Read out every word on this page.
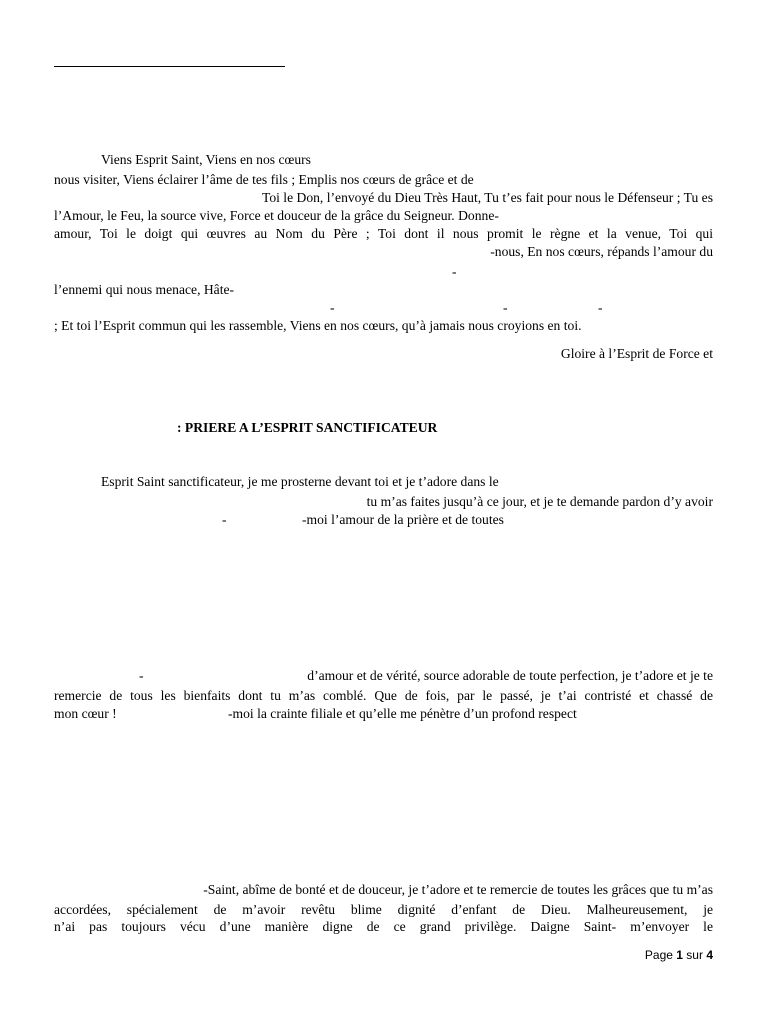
Viens Esprit Saint, Viens en nos cœurs
nous visiter, Viens éclairer l’âme de tes fils ; Emplis nos cœurs de grâce et de
Toi le Don, l’envoyé du Dieu Très Haut, Tu t’es fait pour nous le Défenseur ; Tu es
l’Amour, le Feu, la source vive, Force et douceur de la grâce du Seigneur. Donne-
amour, Toi le doigt qui œuvres au Nom du Père ; Toi dont il nous promit le règne et la venue, Toi qui
-nous, En nos cœurs, répands l’amour du
-
l’ennemi qui nous menace, Hâte-
-	-	-
; Et toi l’Esprit commun qui les rassemble, Viens en nos cœurs, qu’à jamais nous croyions en toi.
Gloire à l’Esprit de Force et
: PRIERE A L’ESPRIT SANCTIFICATEUR
Esprit Saint sanctificateur, je me prosterne devant toi et je t’adore dans le
tu m’as faites jusqu’à ce jour, et je te demande pardon d’y avoir
-	-moi l’amour de la prière et de toutes
-	d’amour et de vérité, source adorable de toute perfection, je t’adore et je te
remercie de tous les bienfaits dont tu m’as comblé. Que de fois, par le passé, je t’ai contristé et chassé de
mon cœur !	-moi la crainte filiale et qu’elle me pénètre d’un profond respect
-Saint, abîme de bonté et de douceur, je t’adore et te remercie de toutes les grâces que tu m’as
accordées, spécialement de m’avoir revêtu blime dignité d’enfant de Dieu. Malheureusement, je
n’ai pas toujours vécu d’une manière digne de ce grand privilège. Daigne Saint- m’envoyer le
Page 1 sur 4
